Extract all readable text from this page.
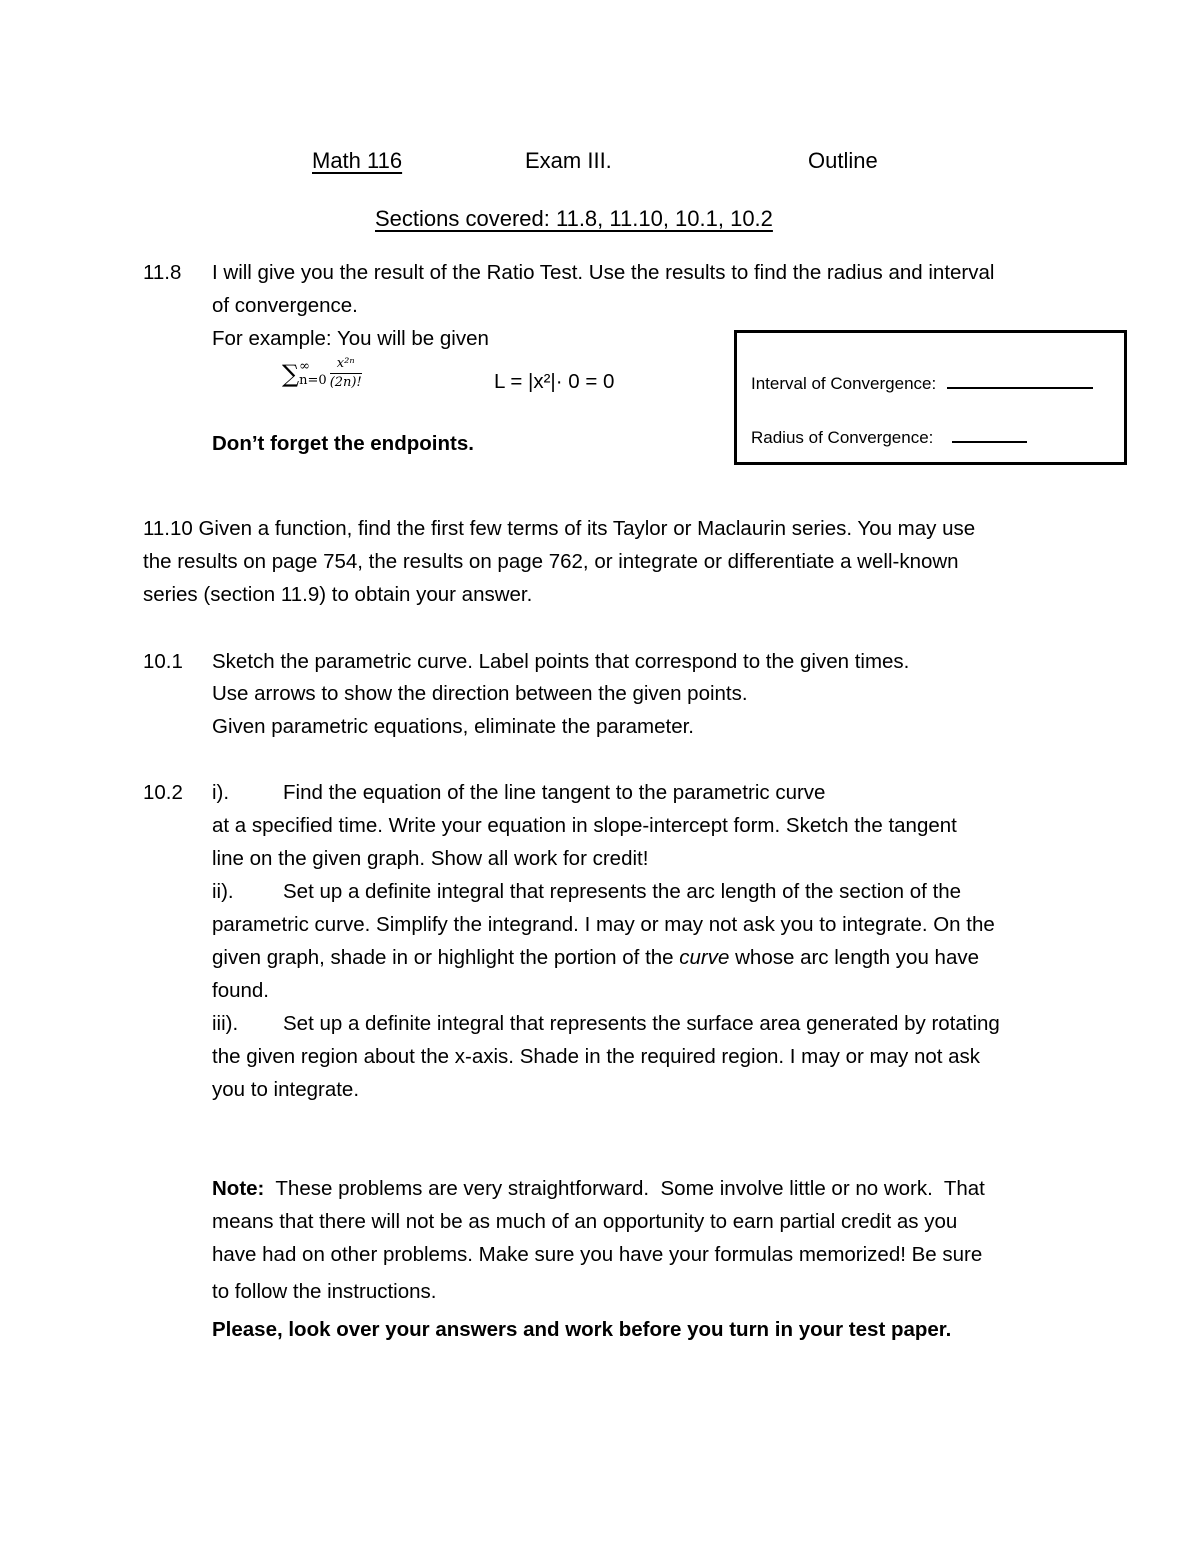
Math 116	Exam III.	Outline
Sections covered: 11.8, 11.10, 10.1, 10.2
11.8 I will give you the result of the Ratio Test. Use the results to find the radius and interval
of convergence.
For example: You will be given
∑ ∞
$n=0 \frac{\text{x²ⁿ}}{(2n)!}$	L = |x²|· 0 = 0
Don’t forget the endpoints.
Interval of Convergence:
Radius of Convergence:
11.10 Given a function, find the first few terms of its Taylor or Maclaurin series. You may use
the results on page 754, the results on page 762, or integrate or differentiate a well-known
series (section 11.9) to obtain your answer.
10.1 Sketch the parametric curve. Label points that correspond to the given times.
Use arrows to show the direction between the given points.
Given parametric equations, eliminate the parameter.
10.2 i).	Find the equation of the line tangent to the parametric curve
at a specified time. Write your equation in slope-intercept form. Sketch the tangent
line on the given graph. Show all work for credit!
ii). Set up a definite integral that represents the arc length of the section of the
parametric curve. Simplify the integrand. I may or may not ask you to integrate. On the
given graph, shade in or highlight the portion of the curve whose arc length you have
found.
iii). Set up a definite integral that represents the surface area generated by rotating
the given region about the x-axis. Shade in the required region. I may or may not ask
you to integrate.
Note:  These problems are very straightforward.  Some involve little or no work.  That
means that there will not be as much of an opportunity to earn partial credit as you
have had on other problems. Make sure you have your formulas memorized! Be sure
to follow the instructions.
Please, look over your answers and work before you turn in your test paper.
